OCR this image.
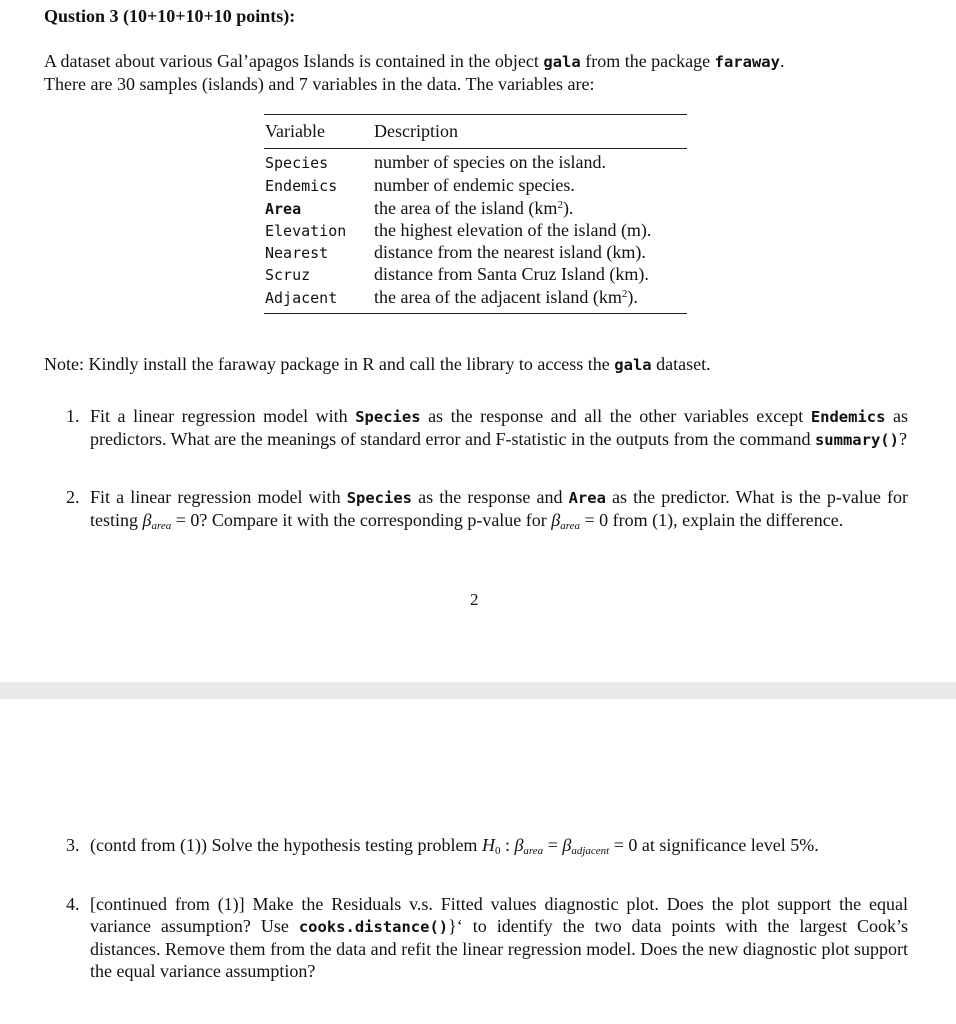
Qustion 3 (10+10+10+10 points):
A dataset about various Gal’apagos Islands is contained in the object gala from the package faraway.
There are 30 samples (islands) and 7 variables in the data. The variables are:
Variable	Description
Species	number of species on the island.
Endemics number of endemic species.
Area	the area of the island $(km^2)$.
Elevation the highest elevation of the island (m).
Nearest	distance from the nearest island (km).
Scruz	distance from Santa Cruz Island (km).
Adjacent the area of the adjacent island $(km^2)$.
Note: Kindly install the faraway package in R and call the library to access the gala dataset.
1. Fit a linear regression model with Species as the response and all the other variables except Endemics as predictors. What are the meanings of standard error and F-statistic in the outputs from the command summary()?
2. Fit a linear regression model with Species as the response and Area as the predictor. What is the p-value for testing $\beta_{area} = 0$? Compare it with the corresponding p-value for $\beta_{area} = 0$ from (1), explain the difference.
2
3. (contd from (1)) Solve the hypothesis testing problem $H_0$ : $\beta_{area} = \beta_{adjacent} = 0$ at significance level 5%.
4. [continued from (1)] Make the Residuals v.s. Fitted values diagnostic plot. Does the plot support the equal variance assumption? Use cooks.distance()}‘ to identify the two data points with the largest Cook’s distances. Remove them from the data and refit the linear regression model. Does the new diagnostic plot support the equal variance assumption?
